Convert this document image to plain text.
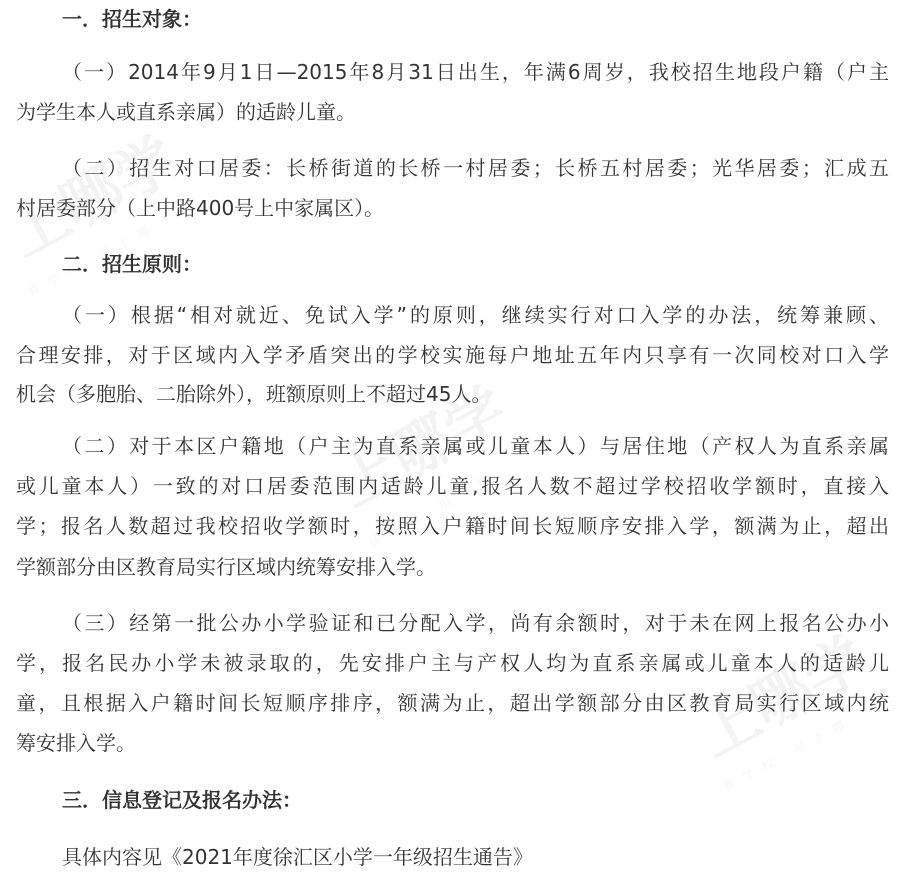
一．招生对象：
（一）2014年9月1日—2015年8月31日出生，年满6周岁，我校招生地段户籍（户主
为学生本人或直系亲属）的适龄儿童。
（二）招生对口居委：长桥街道的长桥一村居委；长桥五村居委；光华居委；汇成五
村居委部分（上中路400号上中家属区）。
二．招生原则：
（一）根据“相对就近、免试入学”的原则，继续实行对口入学的办法，统筹兼顾、
合理安排，对于区域内入学矛盾突出的学校实施每户地址五年内只享有一次同校对口入学
机会（多胞胎、二胎除外），班额原则上不超过45人。
（二）对于本区户籍地（户主为直系亲属或儿童本人）与居住地（产权人为直系亲属
或儿童本人）一致的对口居委范围内适龄儿童,报名人数不超过学校招收学额时，直接入
学；报名人数超过我校招收学额时，按照入户籍时间长短顺序安排入学，额满为止，超出
学额部分由区教育局实行区域内统筹安排入学。
（三）经第一批公办小学验证和已分配入学，尚有余额时，对于未在网上报名公办小
学，报名民办小学未被录取的，先安排户主与产权人均为直系亲属或儿童本人的适龄儿
童，且根据入户籍时间长短顺序排序，额满为止，超出学额部分由区教育局实行区域内统
筹安排入学。
三．信息登记及报名办法：
具体内容见《2021年度徐汇区小学一年级招生通告》
